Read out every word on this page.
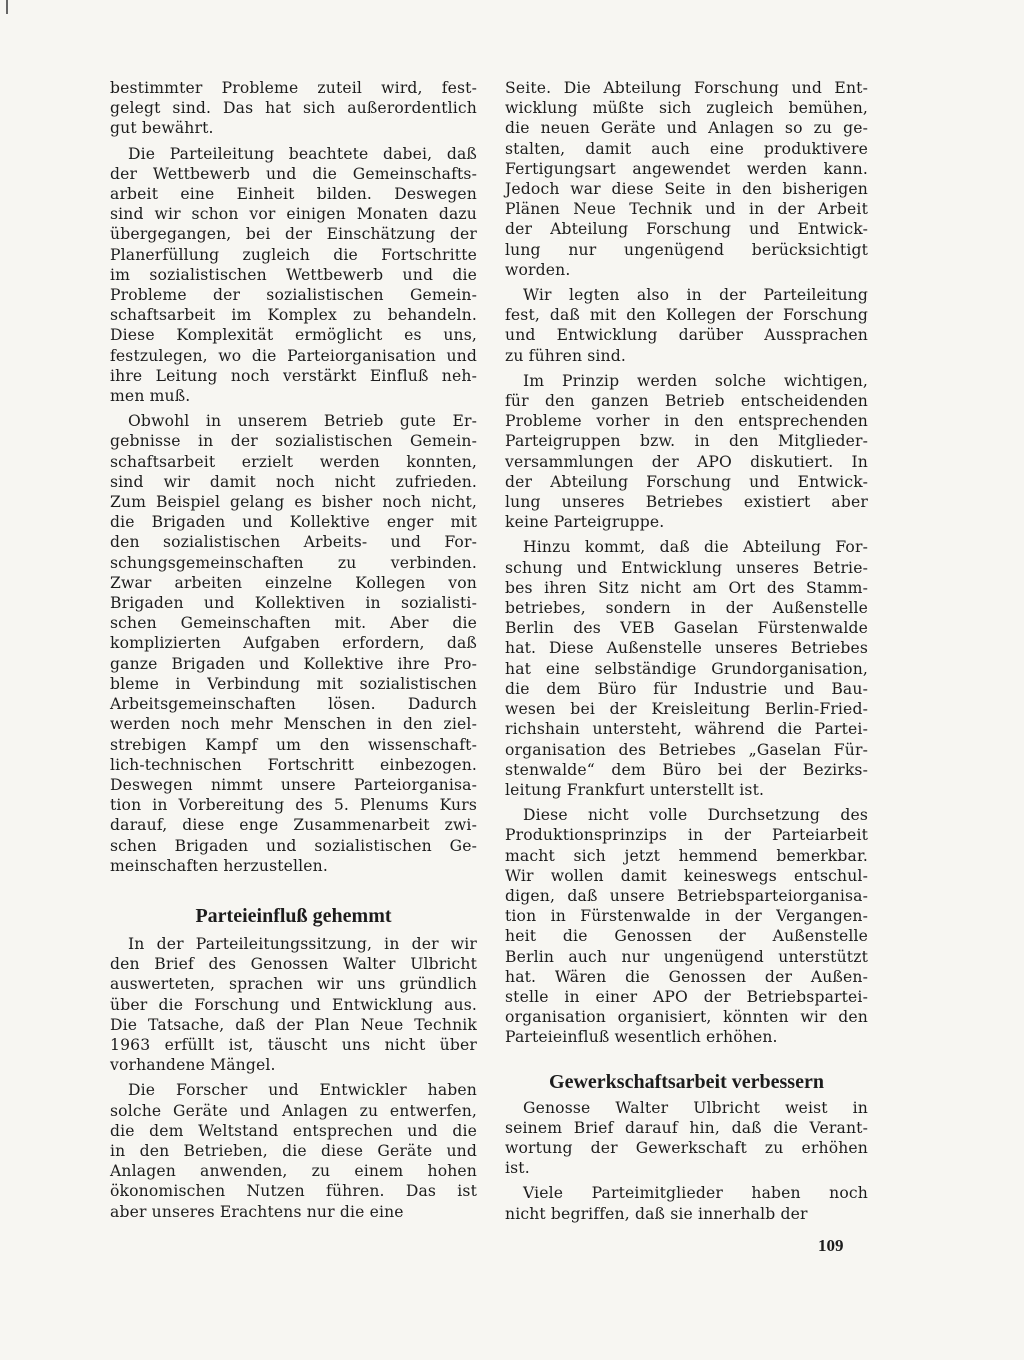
bestimmter Probleme zuteil wird, fest-
gelegt sind. Das hat sich außerordentlich
gut bewährt.

Die Parteileitung beachtete dabei, daß
der Wettbewerb und die Gemeinschafts-
arbeit eine Einheit bilden. Deswegen
sind wir schon vor einigen Monaten dazu
übergegangen, bei der Einschätzung der
Planerfüllung zugleich die Fortschritte
im sozialistischen Wettbewerb und die
Probleme der sozialistischen Gemein-
schaftsarbeit im Komplex zu behandeln.
Diese Komplexität ermöglicht es uns,
festzulegen, wo die Parteiorganisation und
ihre Leitung noch verstärkt Einfluß neh-
men muß.

Obwohl in unserem Betrieb gute Er-
gebnisse in der sozialistischen Gemein-
schaftsarbeit erzielt werden konnten,
sind wir damit noch nicht zufrieden.
Zum Beispiel gelang es bisher noch nicht,
die Brigaden und Kollektive enger mit
den sozialistischen Arbeits- und For-
schungsgemeinschaften zu verbinden.
Zwar arbeiten einzelne Kollegen von
Brigaden und Kollektiven in sozialisti-
schen Gemeinschaften mit. Aber die
komplizierten Aufgaben erfordern, daß
ganze Brigaden und Kollektive ihre Pro-
bleme in Verbindung mit sozialistischen
Arbeitsgemeinschaften lösen. Dadurch
werden noch mehr Menschen in den ziel-
strebigen Kampf um den wissenschaft-
lich-technischen Fortschritt einbezogen.
Deswegen nimmt unsere Parteiorganisa-
tion in Vorbereitung des 5. Plenums Kurs
darauf, diese enge Zusammenarbeit zwi-
schen Brigaden und sozialistischen Ge-
meinschaften herzustellen.

Parteieinfluß gehemmt

In der Parteileitungssitzung, in der wir
den Brief des Genossen Walter Ulbricht
auswerteten, sprachen wir uns gründlich
über die Forschung und Entwicklung aus.
Die Tatsache, daß der Plan Neue Technik
1963 erfüllt ist, täuscht uns nicht über
vorhandene Mängel.

Die Forscher und Entwickler haben
solche Geräte und Anlagen zu entwerfen,
die dem Weltstand entsprechen und die
in den Betrieben, die diese Geräte und
Anlagen anwenden, zu einem hohen
ökonomischen Nutzen führen. Das ist
aber unseres Erachtens nur die eine

Seite. Die Abteilung Forschung und Ent-
wicklung müßte sich zugleich bemühen,
die neuen Geräte und Anlagen so zu ge-
stalten, damit auch eine produktivere
Fertigungsart angewendet werden kann.
Jedoch war diese Seite in den bisherigen
Plänen Neue Technik und in der Arbeit
der Abteilung Forschung und Entwick-
lung nur ungenügend berücksichtigt
worden.

Wir legten also in der Parteileitung
fest, daß mit den Kollegen der Forschung
und Entwicklung darüber Aussprachen
zu führen sind.

Im Prinzip werden solche wichtigen,
für den ganzen Betrieb entscheidenden
Probleme vorher in den entsprechenden
Parteigruppen bzw. in den Mitglieder-
versammlungen der APO diskutiert. In
der Abteilung Forschung und Entwick-
lung unseres Betriebes existiert aber
keine Parteigruppe.

Hinzu kommt, daß die Abteilung For-
schung und Entwicklung unseres Betrie-
bes ihren Sitz nicht am Ort des Stamm-
betriebes, sondern in der Außenstelle
Berlin des VEB Gaselan Fürstenwalde
hat. Diese Außenstelle unseres Betriebes
hat eine selbständige Grundorganisation,
die dem Büro für Industrie und Bau-
wesen bei der Kreisleitung Berlin-Fried-
richshain untersteht, während die Partei-
organisation des Betriebes „Gaselan Für-
stenwalde“ dem Büro bei der Bezirks-
leitung Frankfurt unterstellt ist.

Diese nicht volle Durchsetzung des
Produktionsprinzips in der Parteiarbeit
macht sich jetzt hemmend bemerkbar.
Wir wollen damit keineswegs entschul-
digen, daß unsere Betriebsparteiorganisa-
tion in Fürstenwalde in der Vergangen-
heit die Genossen der Außenstelle
Berlin auch nur ungenügend unterstützt
hat. Wären die Genossen der Außen-
stelle in einer APO der Betriebspartei-
organisation organisiert, könnten wir den
Parteieinfluß wesentlich erhöhen.

Gewerkschaftsarbeit verbessern

Genosse Walter Ulbricht weist in
seinem Brief darauf hin, daß die Verant-
wortung der Gewerkschaft zu erhöhen
ist.

Viele Parteimitglieder haben noch
nicht begriffen, daß sie innerhalb der

109
